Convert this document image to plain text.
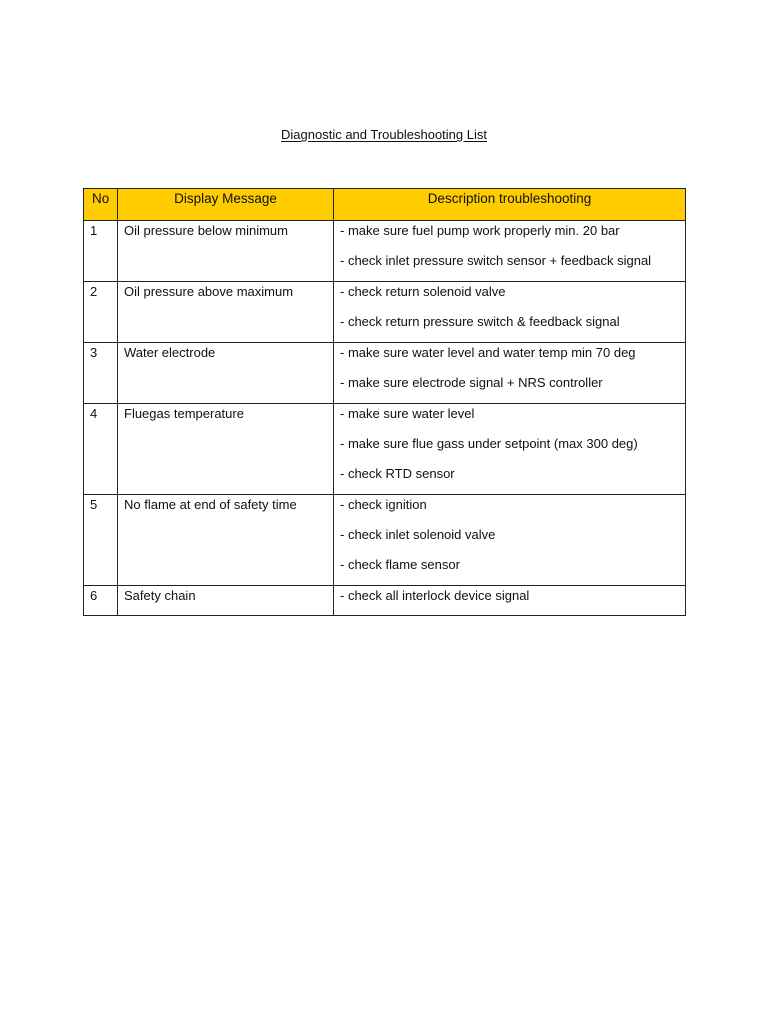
Diagnostic and Troubleshooting List
No	Display Message	Description troubleshooting

1	Oil pressure below minimum	- make sure fuel pump work properly min. 20 bar
- check inlet pressure switch sensor + feedback signal

2	Oil pressure above maximum	- check return solenoid valve
- check return pressure switch & feedback signal

3	Water electrode	- make sure water level and water temp min 70 deg
- make sure electrode signal + NRS controller

4	Fluegas temperature	- make sure water level
- make sure flue gass under setpoint (max 300 deg)
- check RTD sensor

5	No flame at end of safety time	- check ignition
- check inlet solenoid valve
- check flame sensor

6	Safety chain	- check all interlock device signal
